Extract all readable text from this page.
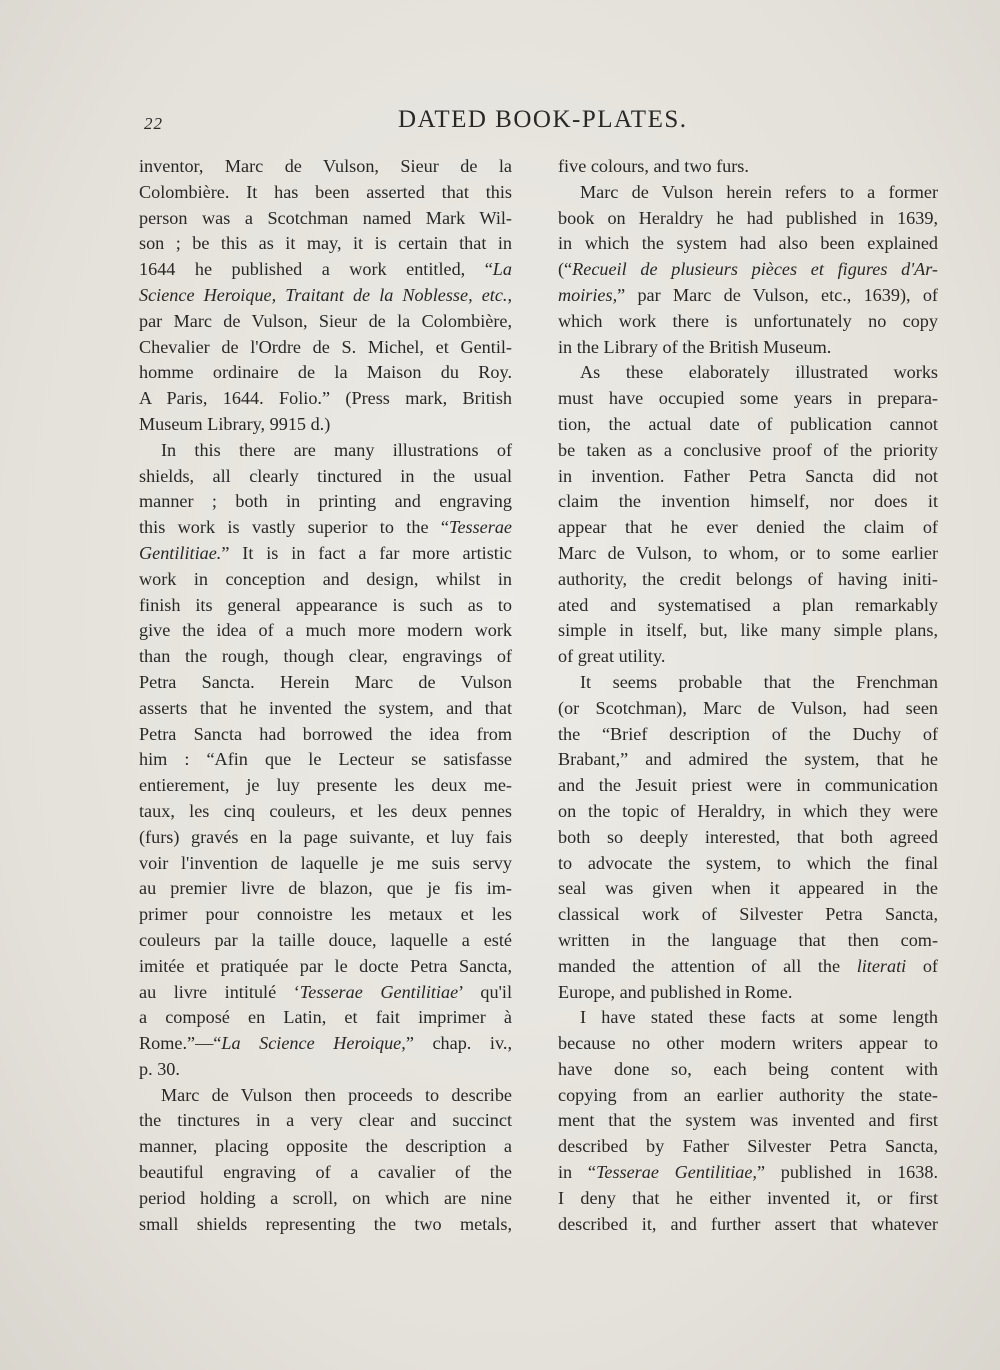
22	DATED BOOK-PLATES.
inventor, Marc de Vulson, Sieur de la
Colombière. It has been asserted that this
person was a Scotchman named Mark Wil-
son ; be this as it may, it is certain that in
1644 he published a work entitled, “La
Science Heroique, Traitant de la Noblesse, etc.,
par Marc de Vulson, Sieur de la Colombière,
Chevalier de l'Ordre de S. Michel, et Gentil-
homme ordinaire de la Maison du Roy.
A Paris, 1644. Folio.” (Press mark, British
Museum Library, 9915 d.)
In this there are many illustrations of
shields, all clearly tinctured in the usual
manner ; both in printing and engraving
this work is vastly superior to the “Tesserae
Gentilitiae.” It is in fact a far more artistic
work in conception and design, whilst in
finish its general appearance is such as to
give the idea of a much more modern work
than the rough, though clear, engravings of
Petra Sancta. Herein Marc de Vulson
asserts that he invented the system, and that
Petra Sancta had borrowed the idea from
him : “Afin que le Lecteur se satisfasse
entierement, je luy presente les deux me-
taux, les cinq couleurs, et les deux pennes
(furs) gravés en la page suivante, et luy fais
voir l'invention de laquelle je me suis servy
au premier livre de blazon, que je fis im-
primer pour connoistre les metaux et les
couleurs par la taille douce, laquelle a esté
imitée et pratiquée par le docte Petra Sancta,
au livre intitulé ‘Tesserae Gentilitiae’ qu'il
a composé en Latin, et fait imprimer à
Rome.”—“La Science Heroique,” chap. iv.,
p. 30.
Marc de Vulson then proceeds to describe
the tinctures in a very clear and succinct
manner, placing opposite the description a
beautiful engraving of a cavalier of the
period holding a scroll, on which are nine
small shields representing the two metals,
five colours, and two furs.
Marc de Vulson herein refers to a former
book on Heraldry he had published in 1639,
in which the system had also been explained
(“Recueil de plusieurs pièces et figures d'Ar-
moiries,” par Marc de Vulson, etc., 1639), of
which work there is unfortunately no copy
in the Library of the British Museum.
As these elaborately illustrated works
must have occupied some years in prepara-
tion, the actual date of publication cannot
be taken as a conclusive proof of the priority
in invention. Father Petra Sancta did not
claim the invention himself, nor does it
appear that he ever denied the claim of
Marc de Vulson, to whom, or to some earlier
authority, the credit belongs of having initi-
ated and systematised a plan remarkably
simple in itself, but, like many simple plans,
of great utility.
It seems probable that the Frenchman
(or Scotchman), Marc de Vulson, had seen
the “Brief description of the Duchy of
Brabant,” and admired the system, that he
and the Jesuit priest were in communication
on the topic of Heraldry, in which they were
both so deeply interested, that both agreed
to advocate the system, to which the final
seal was given when it appeared in the
classical work of Silvester Petra Sancta,
written in the language that then com-
manded the attention of all the literati of
Europe, and published in Rome.
I have stated these facts at some length
because no other modern writers appear to
have done so, each being content with
copying from an earlier authority the state-
ment that the system was invented and first
described by Father Silvester Petra Sancta,
in “Tesserae Gentilitiae,” published in 1638.
I deny that he either invented it, or first
described it, and further assert that whatever
